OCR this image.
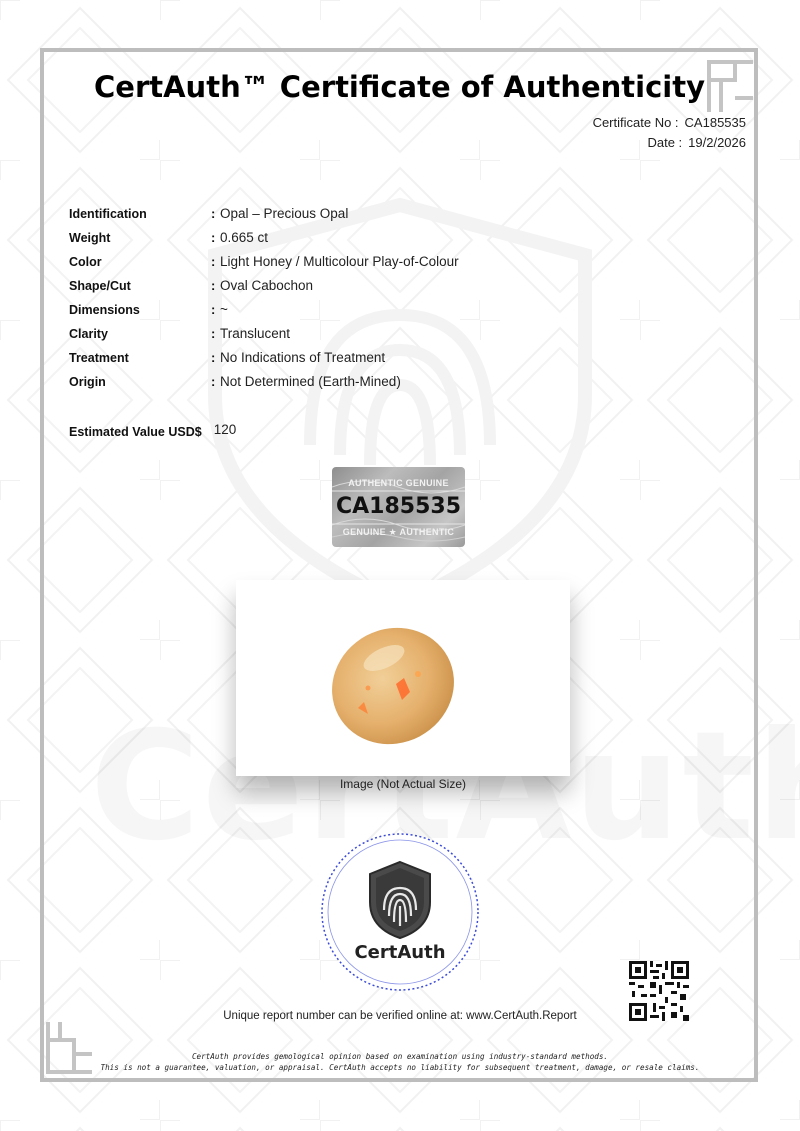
CertAuth™ Certificate of Authenticity
Certificate No : CA185535
Date : 19/2/2026
Identification	: Opal – Precious Opal
Weight	: 0.665 ct
Color	: Light Honey / Multicolour Play-of-Colour
Shape/Cut	: Oval Cabochon
Dimensions	: ~
Clarity	: Translucent
Treatment	: No Indications of Treatment
Origin	: Not Determined (Earth-Mined)
Estimated Value USD$ 120
AUTHENTIC GENUINE
CA185535
GENUINE ★ AUTHENTIC
Image (Not Actual Size)
CertAuth
Unique report number can be verified online at: www.CertAuth.Report
CertAuth provides gemological opinion based on examination using industry-standard methods.
This is not a guarantee, valuation, or appraisal. CertAuth accepts no liability for subsequent treatment, damage, or resale claims.
